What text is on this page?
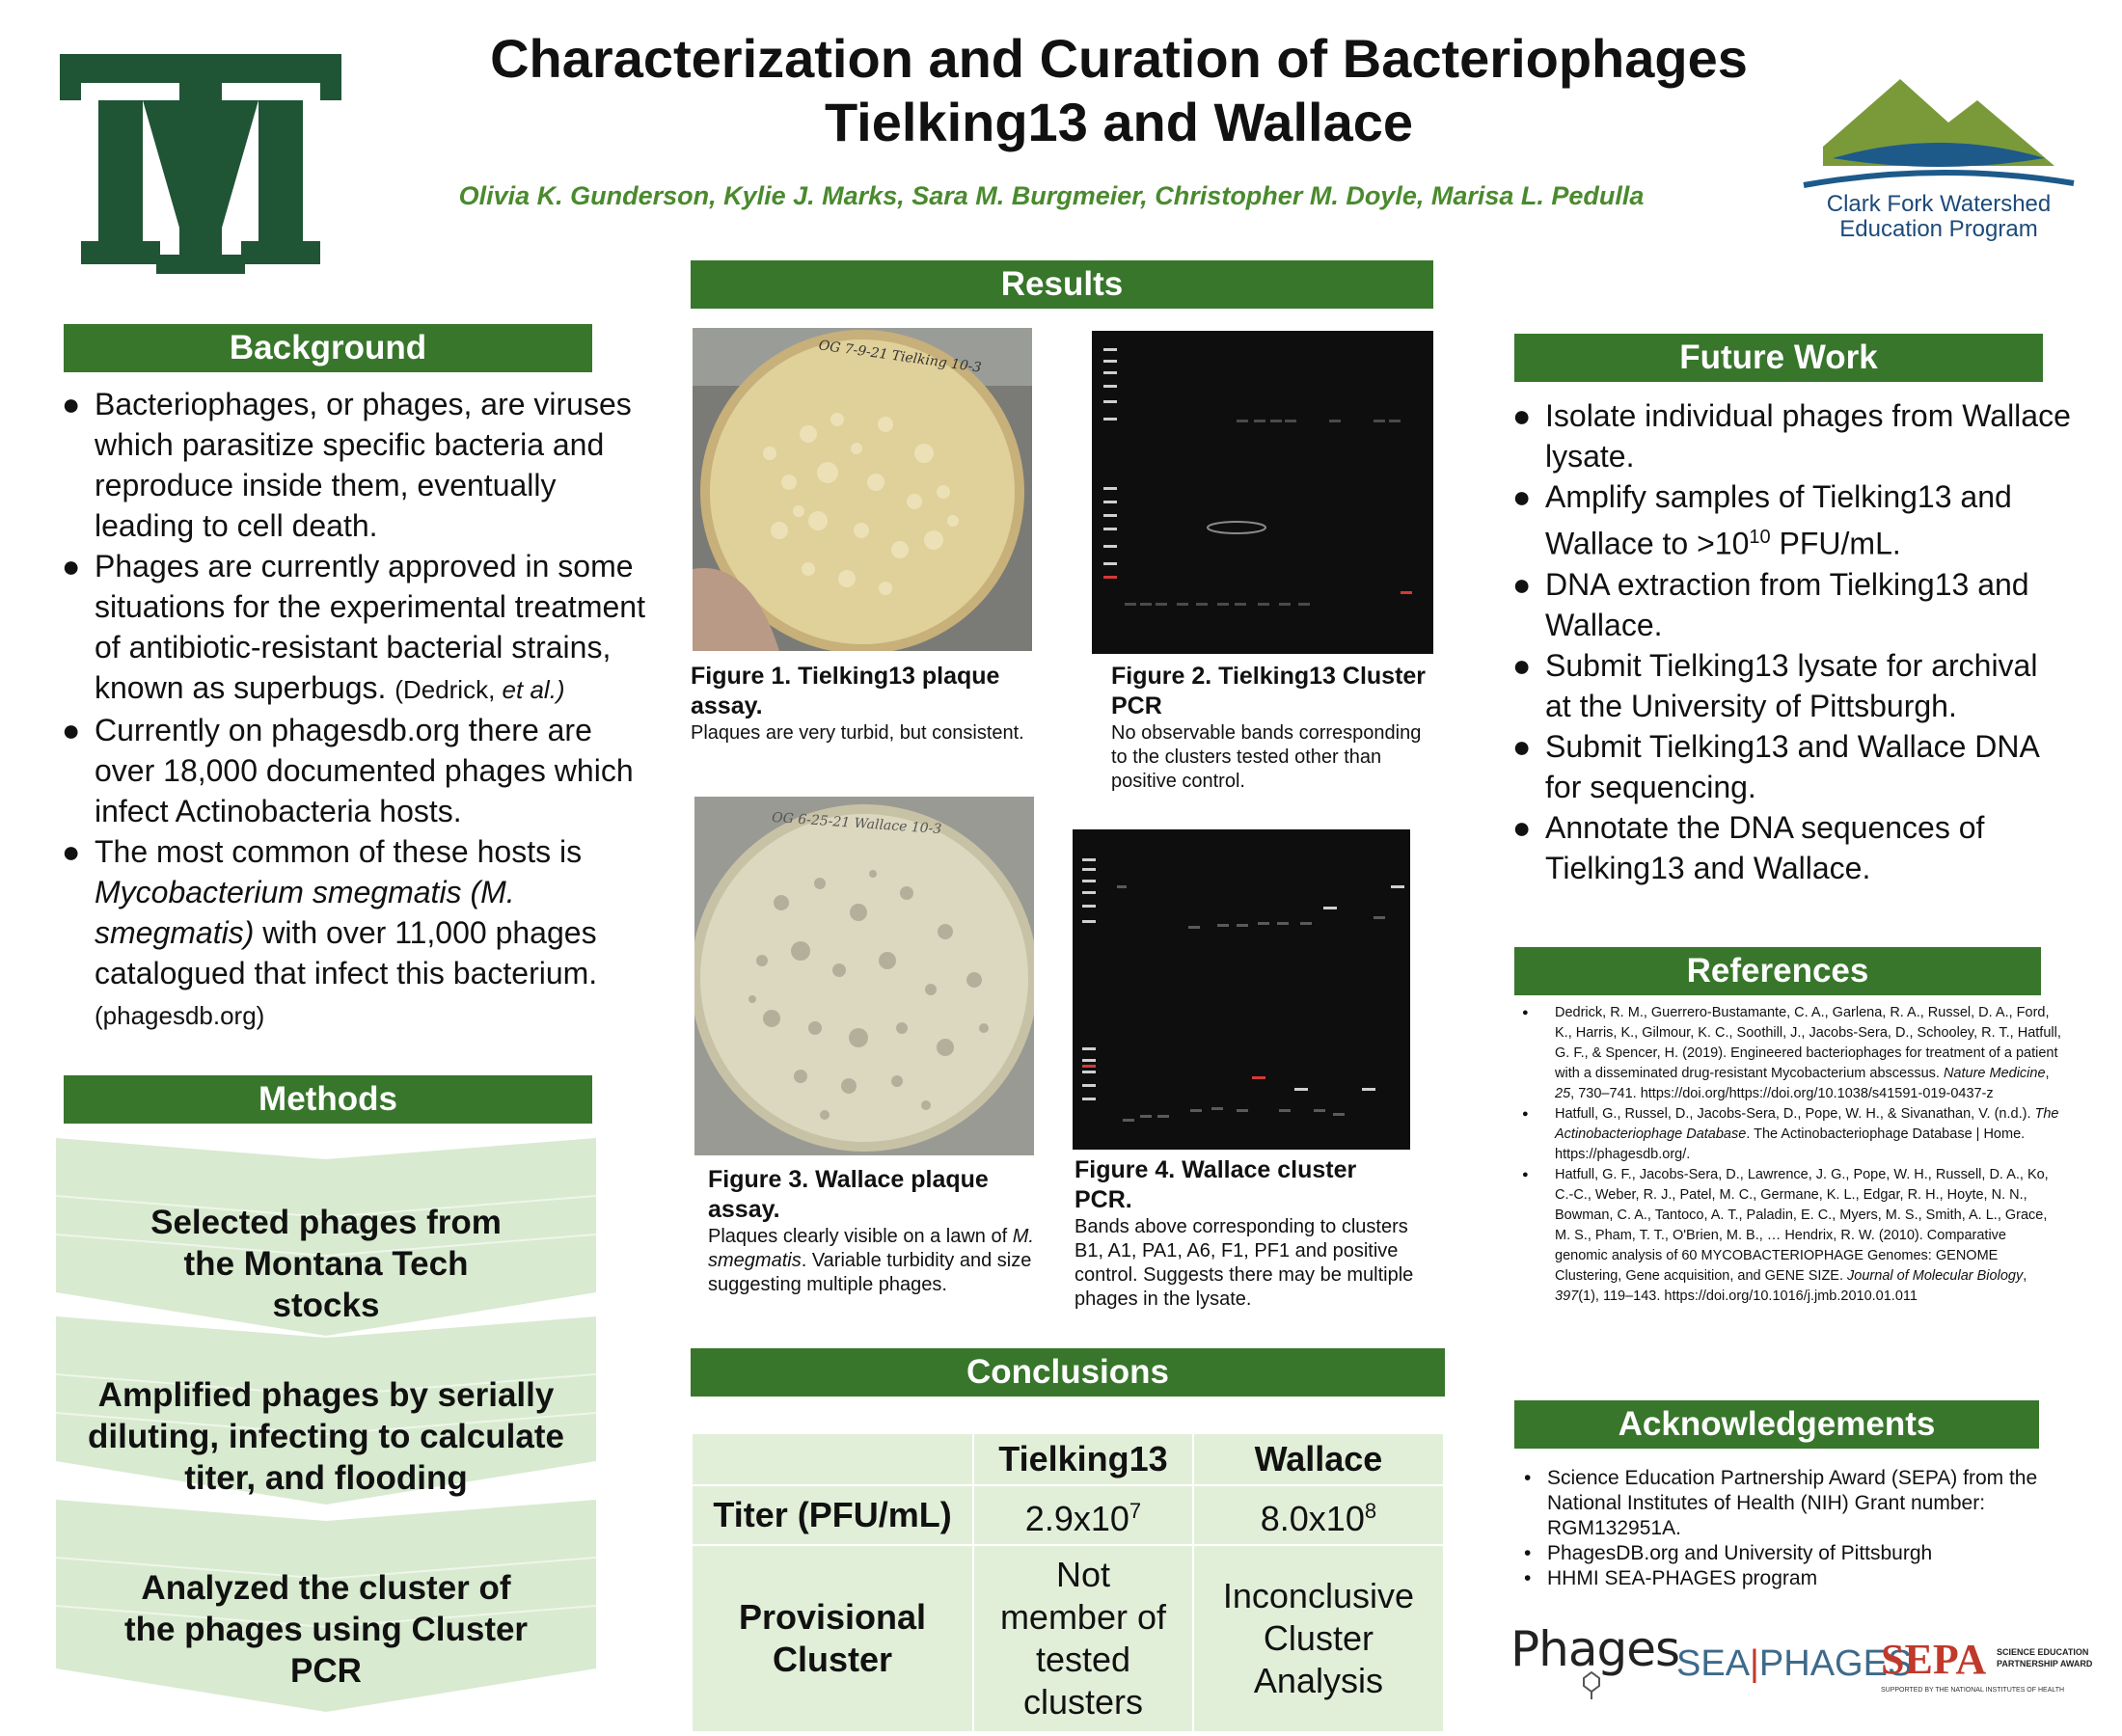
Characterization and Curation of Bacteriophages
Tielking13 and Wallace
Olivia K. Gunderson, Kylie J. Marks, Sara M. Burgmeier, Christopher M. Doyle, Marisa L. Pedulla	Clark Fork Watershed
Education Program
Background
● Bacteriophages, or phages, are viruses which parasitize specific bacteria and reproduce inside them, eventually leading to cell death.
● Phages are currently approved in some situations for the experimental treatment of antibiotic-resistant bacterial strains, known as superbugs. (Dedrick, et al.)
● Currently on phagesdb.org there are over 18,000 documented phages which infect Actinobacteria hosts.
● The most common of these hosts is Mycobacterium smegmatis (M. smegmatis) with over 11,000 phages catalogued that infect this bacterium.
(phagesdb.org)
Methods
Selected phages from the Montana Tech stocks
Amplified phages by serially diluting, infecting to calculate titer, and flooding
Analyzed the cluster of the phages using Cluster PCR
Results
OG 7-9-21 Tielking 10-3
Figure 1. Tielking13 plaque assay.
Plaques are very turbid, but consistent.
Figure 2. Tielking13 Cluster PCR
No observable bands corresponding to the clusters tested other than positive control.
OG 6-25-21 Wallace 10-3
Figure 3. Wallace plaque assay.
Plaques clearly visible on a lawn of M. smegmatis. Variable turbidity and size suggesting multiple phages.
Figure 4. Wallace cluster PCR.
Bands above corresponding to clusters B1, A1, PA1, A6, F1, PF1 and positive control. Suggests there may be multiple phages in the lysate.
Conclusions
	Tielking13	Wallace
Titer (PFU/mL)	$2.9x10^7$	$8.0x10^8$
Provisional Cluster	Not member of tested clusters	Inconclusive Cluster Analysis
Future Work
● Isolate individual phages from Wallace lysate.
● Amplify samples of Tielking13 and Wallace to $>10^{10}$ PFU/mL.
● DNA extraction from Tielking13 and Wallace.
● Submit Tielking13 lysate for archival at the University of Pittsburgh.
● Submit Tielking13 and Wallace DNA for sequencing.
● Annotate the DNA sequences of Tielking13 and Wallace.
References
● Dedrick, R. M., Guerrero-Bustamante, C. A., Garlena, R. A., Russel, D. A., Ford, K., Harris, K., Gilmour, K. C., Soothill, J., Jacobs-Sera, D., Schooley, R. T., Hatfull, G. F., & Spencer, H. (2019). Engineered bacteriophages for treatment of a patient with a disseminated drug-resistant Mycobacterium abscessus. Nature Medicine, 25, 730–741. https://doi.org/https://doi.org/10.1038/s41591-019-0437-z
● Hatfull, G., Russel, D., Jacobs-Sera, D., Pope, W. H., & Sivanathan, V. (n.d.). The Actinobacteriophage Database. The Actinobacteriophage Database | Home. https://phagesdb.org/.
● Hatfull, G. F., Jacobs-Sera, D., Lawrence, J. G., Pope, W. H., Russell, D. A., Ko, C.-C., Weber, R. J., Patel, M. C., Germane, K. L., Edgar, R. H., Hoyte, N. N., Bowman, C. A., Tantoco, A. T., Paladin, E. C., Myers, M. S., Smith, A. L., Grace, M. S., Pham, T. T., O'Brien, M. B., … Hendrix, R. W. (2010). Comparative genomic analysis of 60 MYCOBACTERIOPHAGE Genomes: GENOME Clustering, Gene acquisition, and GENE SIZE. Journal of Molecular Biology, 397(1), 119–143. https://doi.org/10.1016/j.jmb.2010.01.011
Acknowledgements
• Science Education Partnership Award (SEPA) from the National Institutes of Health (NIH) Grant number: RGM132951A.
• PhagesDB.org and University of Pittsburgh
• HHMI SEA-PHAGES program
Phages
SEA|PHAGES
SEPA SCIENCE EDUCATION
PARTNERSHIP AWARD
SUPPORTED BY THE NATIONAL INSTITUTES OF HEALTH
